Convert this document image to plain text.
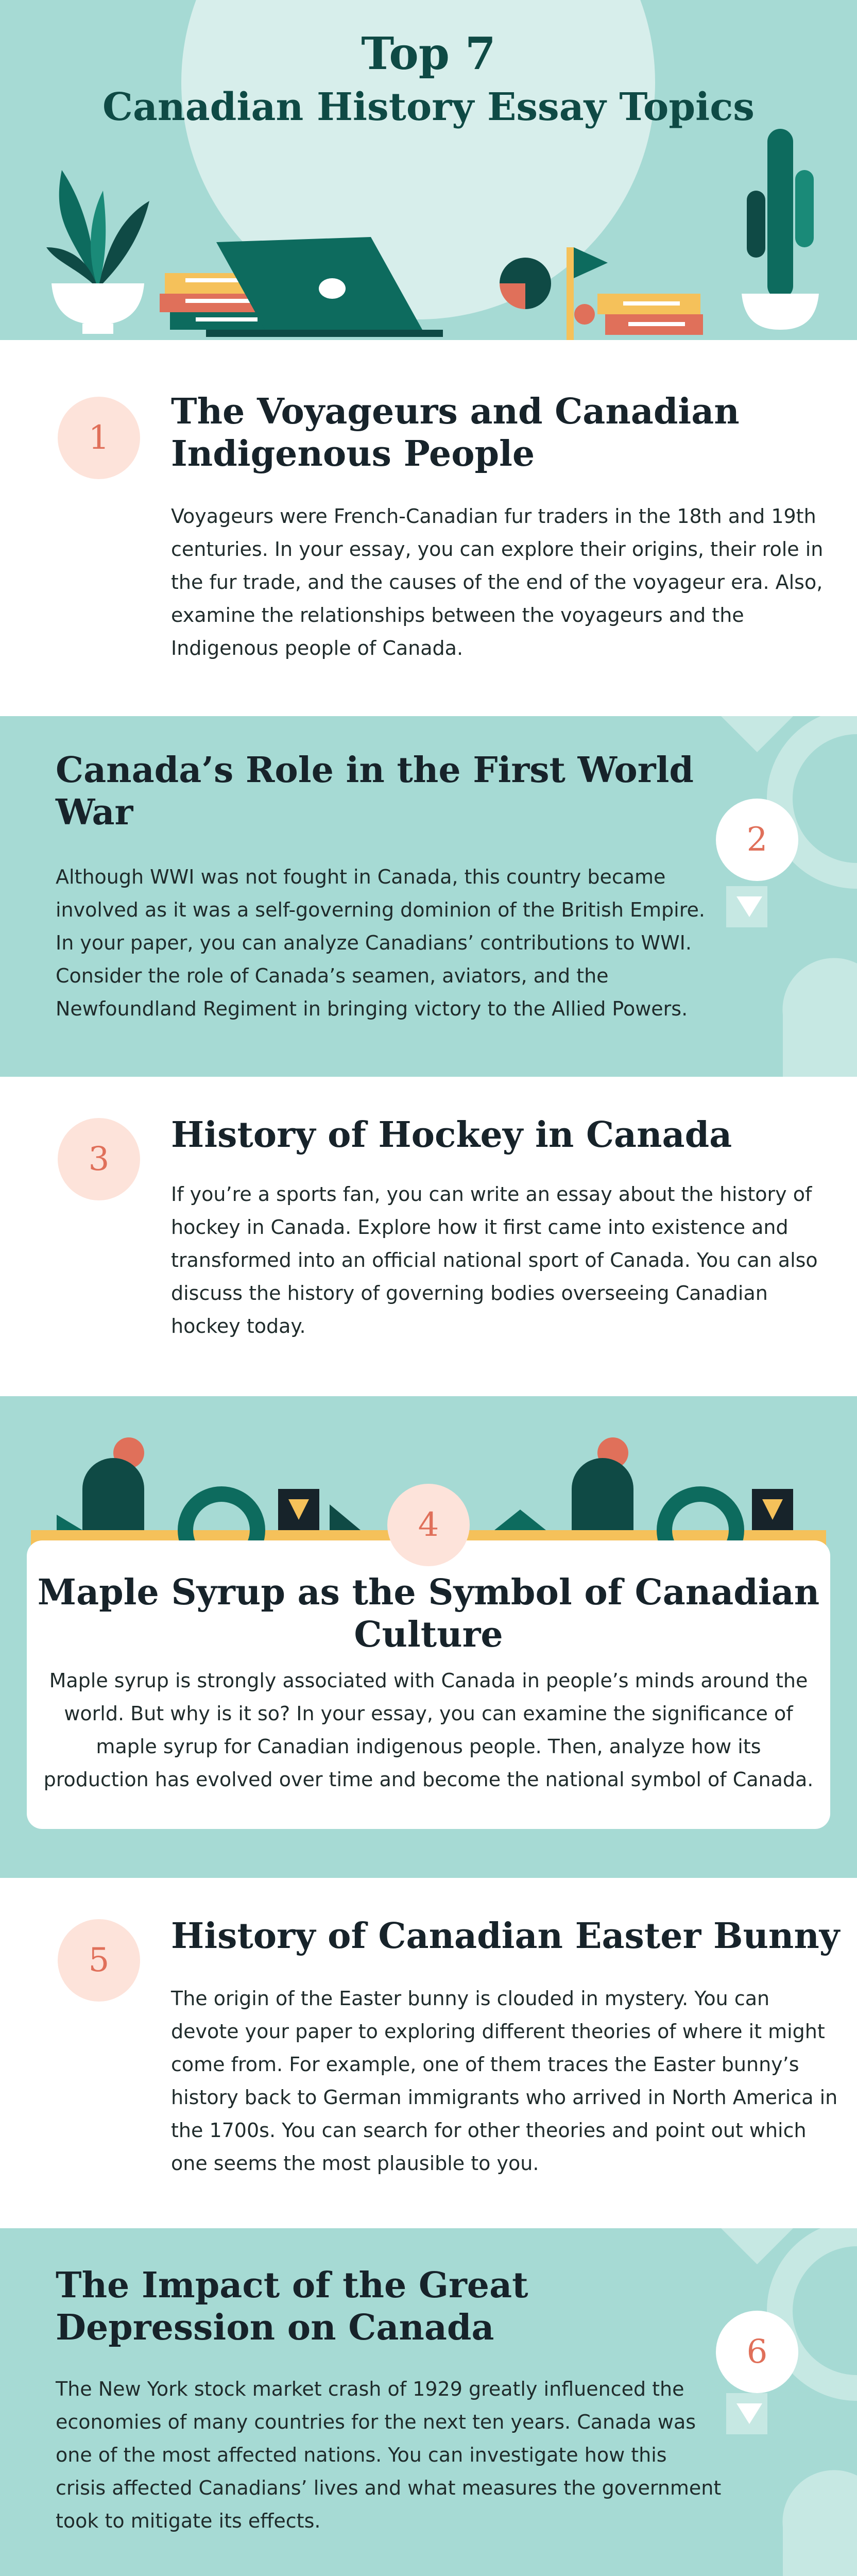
Top 7
Canadian History Essay Topics
1
The Voyageurs and Canadian
Indigenous People
Voyageurs were French-Canadian fur traders in the 18th and 19th
centuries. In your essay, you can explore their origins, their role in
the fur trade, and the causes of the end of the voyageur era. Also,
examine the relationships between the voyageurs and the
Indigenous people of Canada.
2
Canada’s Role in the First World
War
Although WWI was not fought in Canada, this country became
involved as it was a self-governing dominion of the British Empire.
In your paper, you can analyze Canadians’ contributions to WWI.
Consider the role of Canada’s seamen, aviators, and the
Newfoundland Regiment in bringing victory to the Allied Powers.
3
History of Hockey in Canada
If you’re a sports fan, you can write an essay about the history of
hockey in Canada. Explore how it first came into existence and
transformed into an official national sport of Canada. You can also
discuss the history of governing bodies overseeing Canadian
hockey today.
4
Maple Syrup as the Symbol of Canadian
Culture
Maple syrup is strongly associated with Canada in people’s minds around the
world. But why is it so? In your essay, you can examine the significance of
maple syrup for Canadian indigenous people. Then, analyze how its
production has evolved over time and become the national symbol of Canada.
5
History of Canadian Easter Bunny
The origin of the Easter bunny is clouded in mystery. You can
devote your paper to exploring different theories of where it might
come from. For example, one of them traces the Easter bunny’s
history back to German immigrants who arrived in North America in
the 1700s. You can search for other theories and point out which
one seems the most plausible to you.
6
The Impact of the Great
Depression on Canada
The New York stock market crash of 1929 greatly influenced the
economies of many countries for the next ten years. Canada was
one of the most affected nations. You can investigate how this
crisis affected Canadians’ lives and what measures the government
took to mitigate its effects.
